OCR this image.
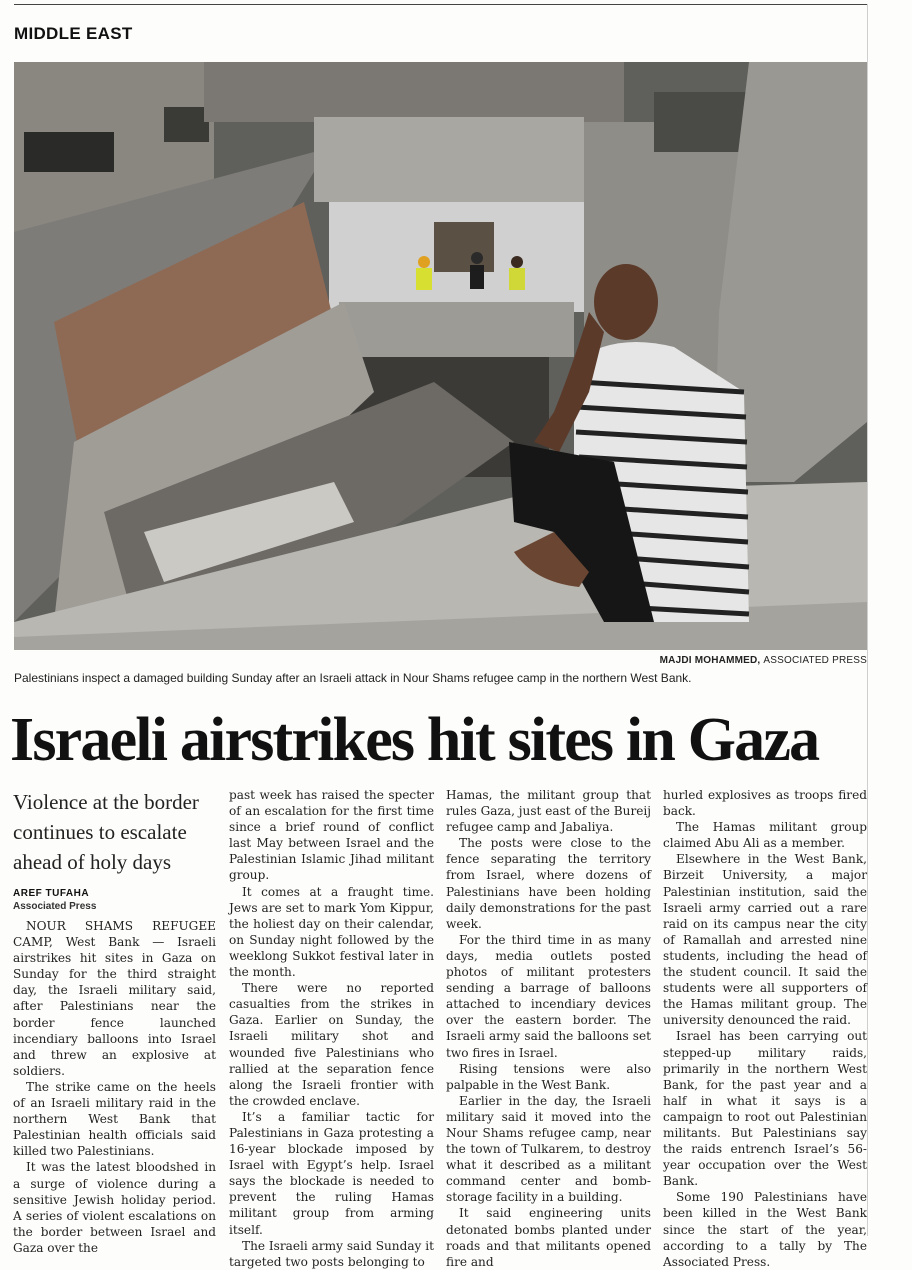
MIDDLE EAST
MAJDI MOHAMMED, ASSOCIATED PRESS
Palestinians inspect a damaged building Sunday after an Israeli attack in Nour Shams refugee camp in the northern West Bank.
Israeli airstrikes hit sites in Gaza
Violence at the border continues to escalate ahead of holy days
AREF TUFAHA
Associated Press

NOUR SHAMS REFUGEE CAMP, West Bank — Israeli airstrikes hit sites in Gaza on Sunday for the third straight day, the Israeli military said, after Palestinians near the border fence launched incendiary balloons into Israel and threw an explosive at soldiers.

The strike came on the heels of an Israeli military raid in the northern West Bank that Palestinian health officials said killed two Palestinians.

It was the latest bloodshed in a surge of violence during a sensitive Jewish holiday period. A series of violent escalations on the border between Israel and Gaza over the

past week has raised the specter of an escalation for the first time since a brief round of conflict last May between Israel and the Palestinian Islamic Jihad militant group.

It comes at a fraught time. Jews are set to mark Yom Kippur, the holiest day on their calendar, on Sunday night followed by the weeklong Sukkot festival later in the month.

There were no reported casualties from the strikes in Gaza. Earlier on Sunday, the Israeli military shot and wounded five Palestinians who rallied at the separation fence along the Israeli frontier with the crowded enclave.

It’s a familiar tactic for Palestinians in Gaza protesting a 16-year blockade imposed by Israel with Egypt’s help. Israel says the blockade is needed to prevent the ruling Hamas militant group from arming itself.

The Israeli army said Sunday it targeted two posts belonging to

Hamas, the militant group that rules Gaza, just east of the Bureij refugee camp and Jabaliya.

The posts were close to the fence separating the territory from Israel, where dozens of Palestinians have been holding daily demonstrations for the past week.

For the third time in as many days, media outlets posted photos of militant protesters sending a barrage of balloons attached to incendiary devices over the eastern border. The Israeli army said the balloons set two fires in Israel.

Rising tensions were also palpable in the West Bank.

Earlier in the day, the Israeli military said it moved into the Nour Shams refugee camp, near the town of Tulkarem, to destroy what it described as a militant command center and bomb-storage facility in a building.

It said engineering units detonated bombs planted under roads and that militants opened fire and

hurled explosives as troops fired back.

The Hamas militant group claimed Abu Ali as a member.

Elsewhere in the West Bank, Birzeit University, a major Palestinian institution, said the Israeli army carried out a rare raid on its campus near the city of Ramallah and arrested nine students, including the head of the student council. It said the students were all supporters of the Hamas militant group. The university denounced the raid.

Israel has been carrying out stepped-up military raids, primarily in the northern West Bank, for the past year and a half in what it says is a campaign to root out Palestinian militants. But Palestinians say the raids entrench Israel’s 56-year occupation over the West Bank.

Some 190 Palestinians have been killed in the West Bank since the start of the year, according to a tally by The Associated Press.
